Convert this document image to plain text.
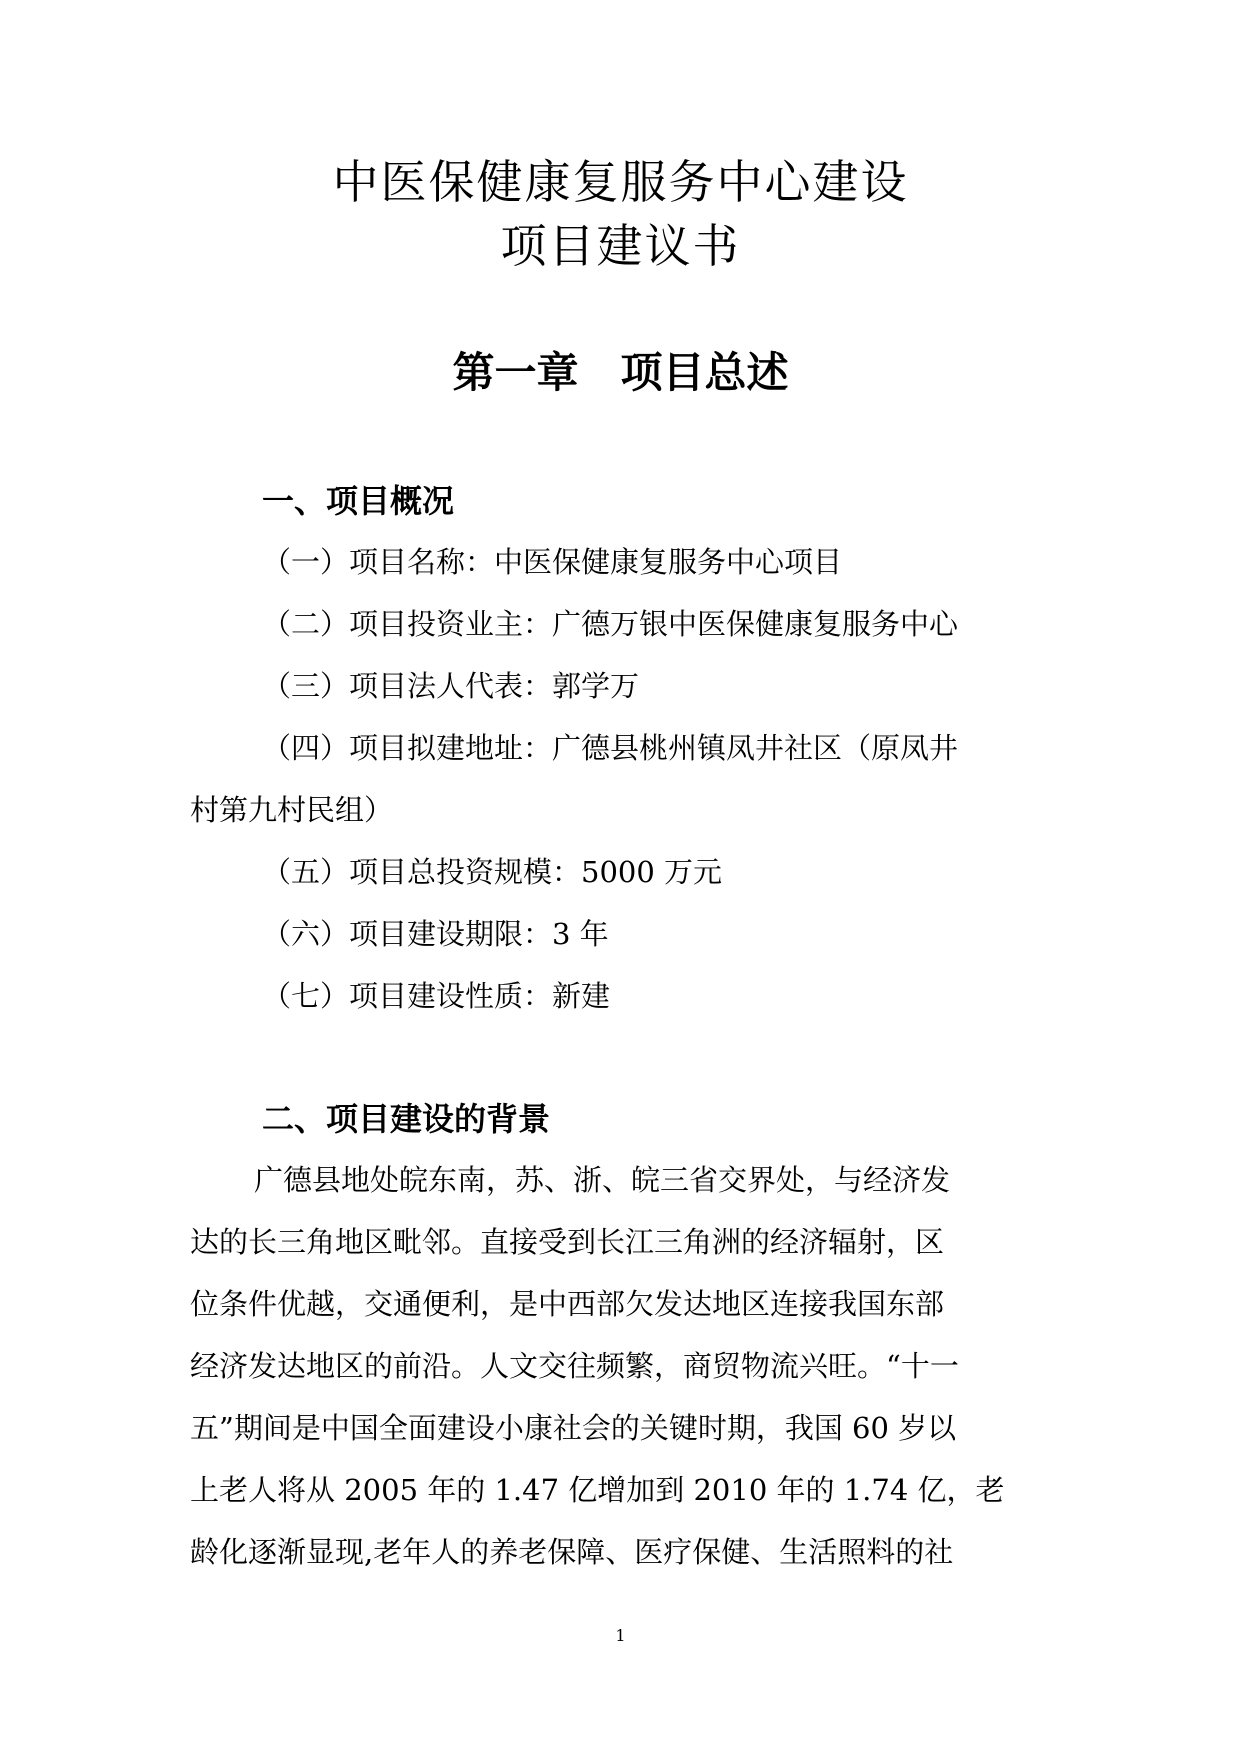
中医保健康复服务中心建设
项目建议书
第一章　项目总述
一、项目概况
（一）项目名称：中医保健康复服务中心项目
（二）项目投资业主：广德万银中医保健康复服务中心
（三）项目法人代表：郭学万
（四）项目拟建地址：广德县桃州镇凤井社区（原凤井
村第九村民组）
（五）项目总投资规模：5000 万元
（六）项目建设期限：3 年
（七）项目建设性质：新建
二、项目建设的背景
广德县地处皖东南，苏、浙、皖三省交界处，与经济发
达的长三角地区毗邻。直接受到长江三角洲的经济辐射，区
位条件优越，交通便利，是中西部欠发达地区连接我国东部
经济发达地区的前沿。人文交往频繁，商贸物流兴旺。“十一
五”期间是中国全面建设小康社会的关键时期，我国 60 岁以
上老人将从 2005 年的 1.47 亿增加到 2010 年的 1.74 亿，老
龄化逐渐显现,老年人的养老保障、医疗保健、生活照料的社
1
